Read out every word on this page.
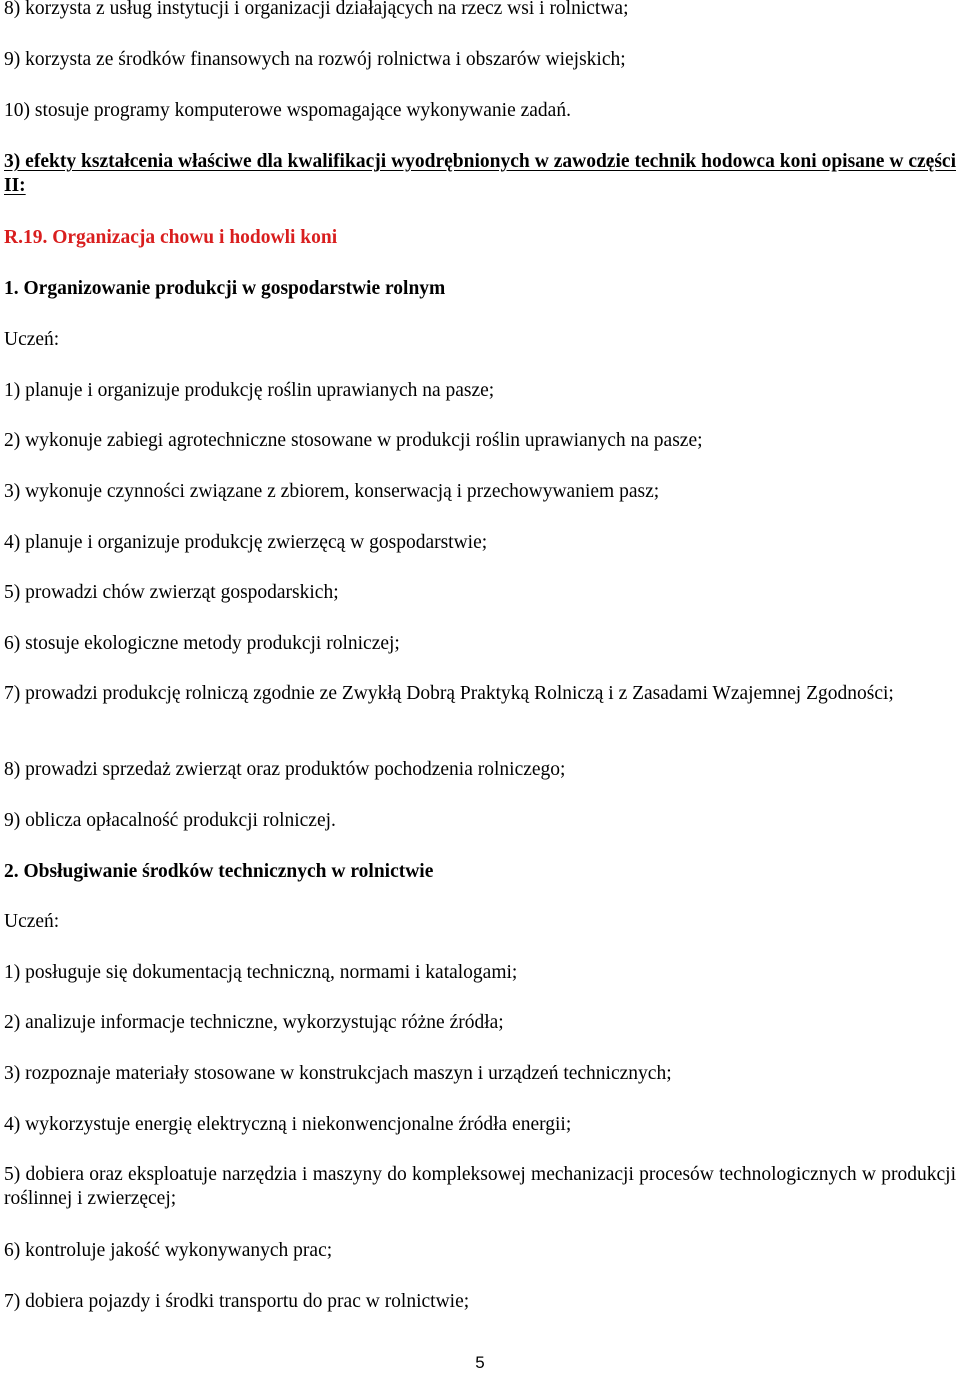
8) korzysta z usług instytucji i organizacji działających na rzecz wsi i rolnictwa;
9) korzysta ze środków finansowych na rozwój rolnictwa i obszarów wiejskich;
10) stosuje programy komputerowe wspomagające wykonywanie zadań.
3) efekty kształcenia właściwe dla kwalifikacji wyodrębnionych w zawodzie technik hodowca koni opisane w części II:
R.19. Organizacja chowu i hodowli koni
1. Organizowanie produkcji w gospodarstwie rolnym
Uczeń:
1) planuje i organizuje produkcję roślin uprawianych na pasze;
2) wykonuje zabiegi agrotechniczne stosowane w produkcji roślin uprawianych na pasze;
3) wykonuje czynności związane z zbiorem, konserwacją i przechowywaniem pasz;
4) planuje i organizuje produkcję zwierzęcą w gospodarstwie;
5) prowadzi chów zwierząt gospodarskich;
6) stosuje ekologiczne metody produkcji rolniczej;
7) prowadzi produkcję rolniczą zgodnie ze Zwykłą Dobrą Praktyką Rolniczą i z Zasadami Wzajemnej Zgodności;
8) prowadzi sprzedaż zwierząt oraz produktów pochodzenia rolniczego;
9) oblicza opłacalność produkcji rolniczej.
2. Obsługiwanie środków technicznych w rolnictwie
Uczeń:
1) posługuje się dokumentacją techniczną, normami i katalogami;
2) analizuje informacje techniczne, wykorzystując różne źródła;
3) rozpoznaje materiały stosowane w konstrukcjach maszyn i urządzeń technicznych;
4) wykorzystuje energię elektryczną i niekonwencjonalne źródła energii;
5) dobiera oraz eksploatuje narzędzia i maszyny do kompleksowej mechanizacji procesów technologicznych w produkcji roślinnej i zwierzęcej;
6) kontroluje jakość wykonywanych prac;
7) dobiera pojazdy i środki transportu do prac w rolnictwie;
5
